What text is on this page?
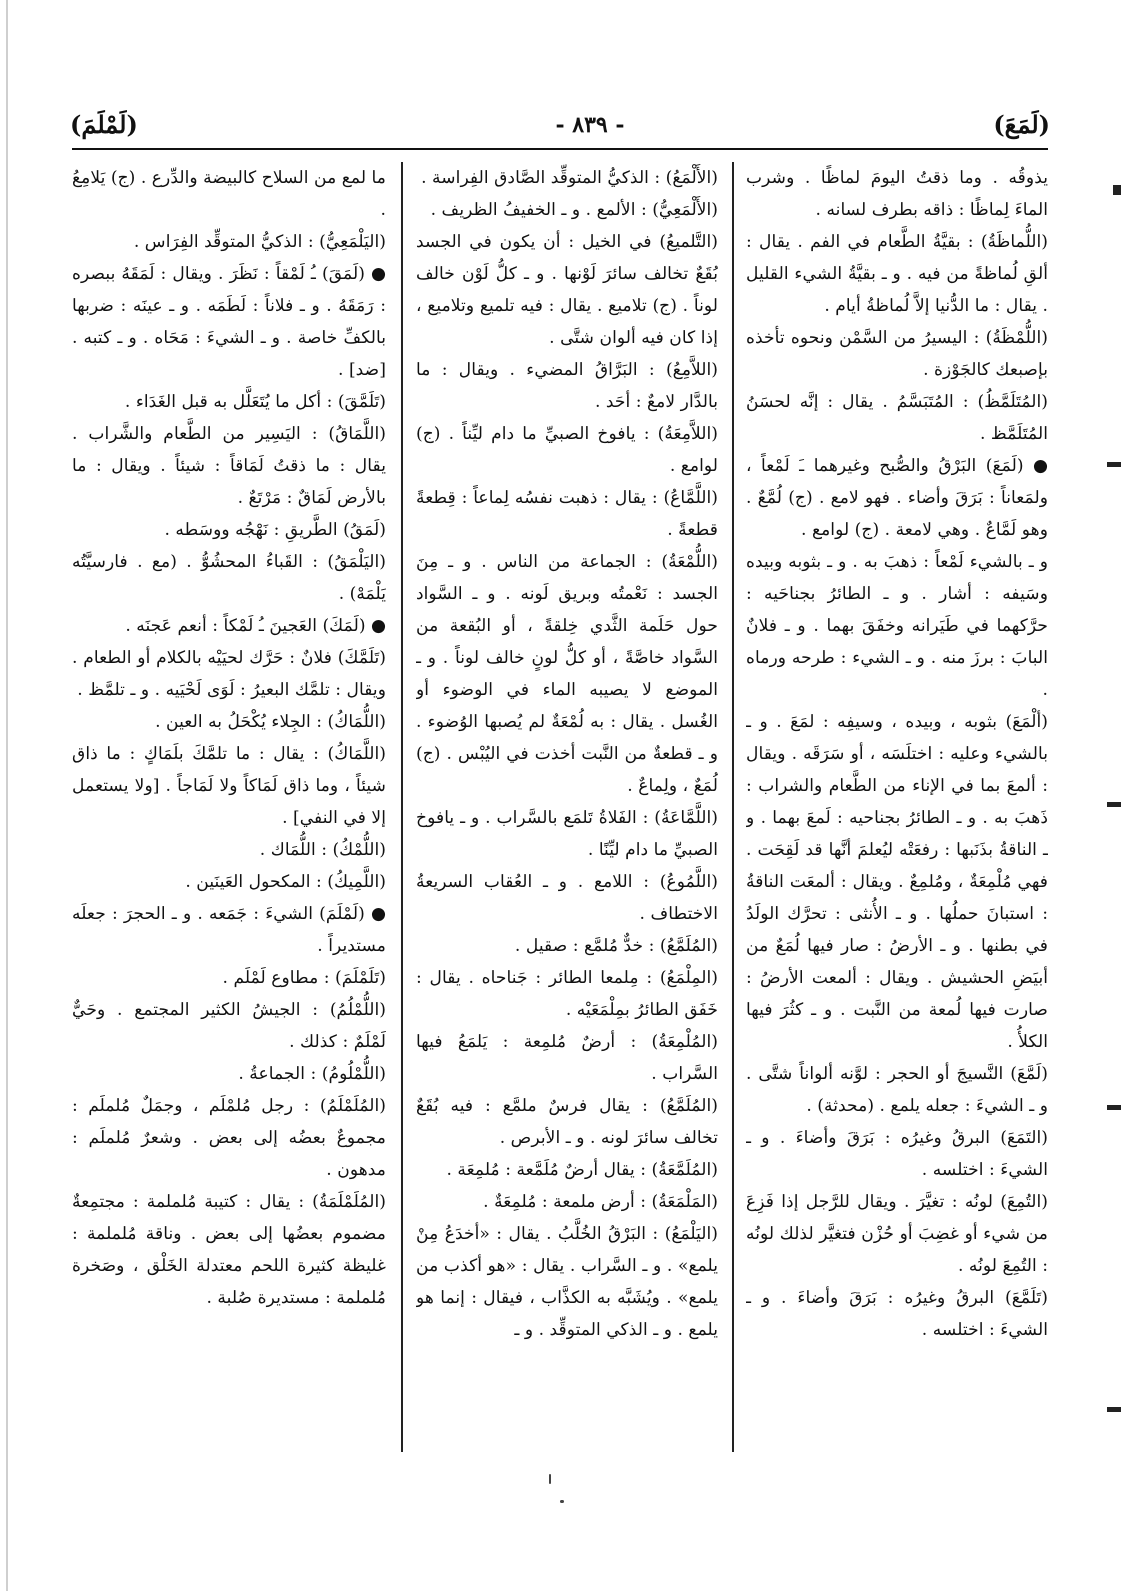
(لَمَعَ)
- ٨٣٩ -
(لَمْلَمَ)

يذوقُه . وما ذقتُ اليومَ لماظًا . وشرب الماءَ لِماظًا : ذاقه بطرف لسانه .

(اللُّماظَةُ) : بقيَّةُ الطَّعام في الفم . يقال : ألقِ لُماظةً من فيه . و ـ بقيَّةُ الشيء القليل . يقال : ما الدُّنيا إلاَّ لُماظةُ أيام .

(اللُّمْظَةُ) : اليسيرُ من السَّمْن ونحوه تأخذه بإصبعك كالجَوْزة .

(المُتَلَمَّظُ) : المُتَبَسَّمُ . يقال : إنَّه لحسَنُ المُتَلَمَّظ .

● (لَمَعَ) البَرْقُ والصُّبح وغيرهما ـَ لَمْعاً ، ولمَعاناً : بَرَقَ وأضاء . فهو لامع . (ج) لُمَّعٌ . وهو لَمَّاعٌ . وهي لامعة . (ج) لوامع .

و ـ بالشيء لَمْعاً : ذهبَ به . و ـ بثوبه وبيده وسَيفه : أشار . و ـ الطائرُ بجناحَيه : حرَّكهما في طَيَرانه وخفَقَ بهما . و ـ فلانٌ البابَ : برزَ منه . و ـ الشيء : طرحه ورماه .

(ألْمَعَ) بثوبه ، وبيده ، وسيفِه : لمَعَ . و ـ بالشيء وعليه : اختلَسَه ، أو سَرَقَه . ويقال : ألمعَ بما في الإناء من الطَّعام والشراب : ذَهبَ به . و ـ الطائرُ بجناحيه : لَمعَ بهما . و ـ الناقةُ بذَنَبها : رفعَتْه ليُعلمَ أنَّها قد لَقِحَت . فهي مُلْمِعَةٌ ، ومُلمِعٌ . ويقال : ألمعَت الناقةُ : استبانَ حملُها . و ـ الأُنثى : تحرَّك الولَدُ في بطنها . و ـ الأرضُ : صار فيها لُمَعٌ من أبيَضِ الحشيش . ويقال : ألمعت الأرضُ : صارت فيها لُمعة من النَّبت . و ـ كثُرَ فيها الكلأُ .

(لَمَّعَ) النَّسيجَ أو الحجر : لوَّنه ألواناً شتَّى . و ـ الشيءَ : جعله يلمع . (محدثة) .

(التَمَعَ) البرقُ وغيرُه : بَرَقَ وأضاءَ . و ـ الشيءَ : اختلسه .

(التُمِعَ) لونُه : تغيَّرَ . ويقال للرَّجل إذا فَزِعَ من شيء أو غضِبَ أو حُزْن فتغيَّر لذلك لونُه : التُمِعَ لونُه .

(تَلَمَّعَ) البرقُ وغيرُه : بَرَقَ وأضاءَ . و ـ الشيءَ : اختلسه .

(الأَلْمَعُ) : الذكيُّ المتوقِّد الصَّادق الفِراسة .

(الأَلْمَعِيُّ) : الألمع . و ـ الخفيفُ الظريف .

(التَّلميعُ) في الخيل : أن يكون في الجسد بُقَعٌ تخالف سائرَ لَوْنها . و ـ كلُّ لَوْن خالف لوناً . (ج) تلاميع . يقال : فيه تلميع وتلاميع ، إذا كان فيه ألوان شتَّى .

(اللاَّمِعُ) : البَرَّاقُ المضيء . ويقال : ما بالدَّار لامعٌ : أحَد .

(اللاَّمِعَةُ) : يافوخ الصبيِّ ما دام ليِّناً . (ج) لوامع .

(اللَّمَّاعُ) : يقال : ذهبت نفسُه لِماعاً : قِطعةً قطعةً .

(اللُّمْعَةُ) : الجماعة من الناس . و ـ مِنَ الجسد : نَعْمتُه وبريق لَونه . و ـ السَّواد حول حَلَمة الثَّدي خِلقةً ، أو البُقعة من السَّواد خاصَّةً ، أو كلُّ لونٍ خالف لوناً . و ـ الموضع لا يصيبه الماء في الوضوء أو الغُسل . يقال : به لُمْعَةٌ لم يُصبها الوُضوء . و ـ قطعةٌ من النَّبت أخذت في اليُبْس . (ج) لُمَعٌ ، ولِماعٌ .

(اللَّمَّاعَةُ) : الفَلاةُ تَلمَع بالسَّراب . و ـ يافوخ الصبيِّ ما دام ليِّنًا .

(اللَّمُوعُ) : اللامع . و ـ العُقاب السريعةُ الاختطاف .

(المُلَمَّعُ) : خدٌّ مُلمَّع : صقيل .

(المِلْمَعُ) : مِلمعا الطائر : جَناحاه . يقال : خَفَق الطائرُ بمِلْمَعَيْه .

(المُلْمِعَةُ) : أرضٌ مُلمِعة : يَلمَعُ فيها السَّراب .

(المُلَمَّعُ) : يقال فرسٌ ملمَّع : فيه بُقَعٌ تخالف سائرَ لونه . و ـ الأبرص .

(المُلَمَّعَةُ) : يقال أرضٌ مُلَمَّعة : مُلمِعَة .

(المَلْمَعَةُ) : أرض ملمعة : مُلمِعَةٌ .

(اليَلْمَعُ) : البَرْقُ الخُلَّبُ . يقال : «أخدَعُ مِنْ يلمع» . و ـ السَّراب . يقال : «هو أكذب من يلمع» . ويُشَبَّه به الكذَّاب ، فيقال : إنما هو يلمع . و ـ الذكي المتوقِّد . و ـ

ما لمع من السلاح كالبيضة والدِّرع . (ج) يَلامِعُ .

(اليَلْمَعِيُّ) : الذكيُّ المتوقِّد الفِرَاس .

● (لَمَقَ) ـُ لَمْقاً : نَظَرَ . ويقال : لَمَقَهُ ببصره : رَمَقَهُ . و ـ فلاناً : لَطَمَه . و ـ عينَه : ضربها بالكفِّ خاصة . و ـ الشيءَ : مَحَاه . و ـ كتبه . [ضد] .

(تَلَمَّقَ) : أكل ما يُتَعَلَّل به قبل الغَدَاء .

(اللَّمَاقُ) : اليَسِير من الطَّعام والشَّراب . يقال : ما ذقتُ لَمَاقاً : شيئاً . ويقال : ما بالأرض لَمَاقٌ : مَرْتَعٌ .

(لَمَقُ) الطَّريقِ : نَهْجُه ووسَطه .

(اليَلْمَقُ) : القَباءُ المحشُوُّ . (مع . فارسيَّتُه يَلْمَهْ) .

● (لَمَكَ) العَجينَ ـُ لَمْكاً : أنعم عَجنَه .

(تَلَمَّكَ) فلانٌ : حَرَّك لحيَيْه بالكلام أو الطعام . ويقال : تلمَّك البعيرُ : لَوَى لَحْيَيه . و ـ تلمَّظ .

(اللُّمَاكُ) : الجِلاء يُكْحَلُ به العين .

(اللَّمَاكُ) : يقال : ما تلمَّكَ بلَمَاكٍ : ما ذاق شيئاً ، وما ذاق لَمَاكاً ولا لَمَاجاً . [ولا يستعمل إلا في النفي] .

(اللُّمْكُ) : اللُّمَاك .

(اللَّمِيكُ) : المكحول العَينَين .

● (لَمْلَمَ) الشيءَ : جَمَعه . و ـ الحجرَ : جعلَه مستديراً .

(تَلَمْلَمَ) : مطاوع لَمْلَم .

(اللُّمْلُمُ) : الجيشُ الكثير المجتمع . وحَيٌّ لَمْلَمٌ : كذلك .

(اللُّمْلُومُ) : الجماعةُ .

(المُلَمْلَمُ) : رجل مُلمْلَم ، وجمَلٌ مُلملَم : مجموعٌ بعضُه إلى بعض . وشعرٌ مُلملَم : مدهون .

(المُلَمْلَمَةُ) : يقال : كتيبة مُلملمة : مجتمِعةٌ مضموم بعضُها إلى بعض . وناقة مُلملمة : غليظة كثيرة اللحم معتدلة الخَلْق ، وصَخرة مُلملمة : مستديرة صُلبة .
